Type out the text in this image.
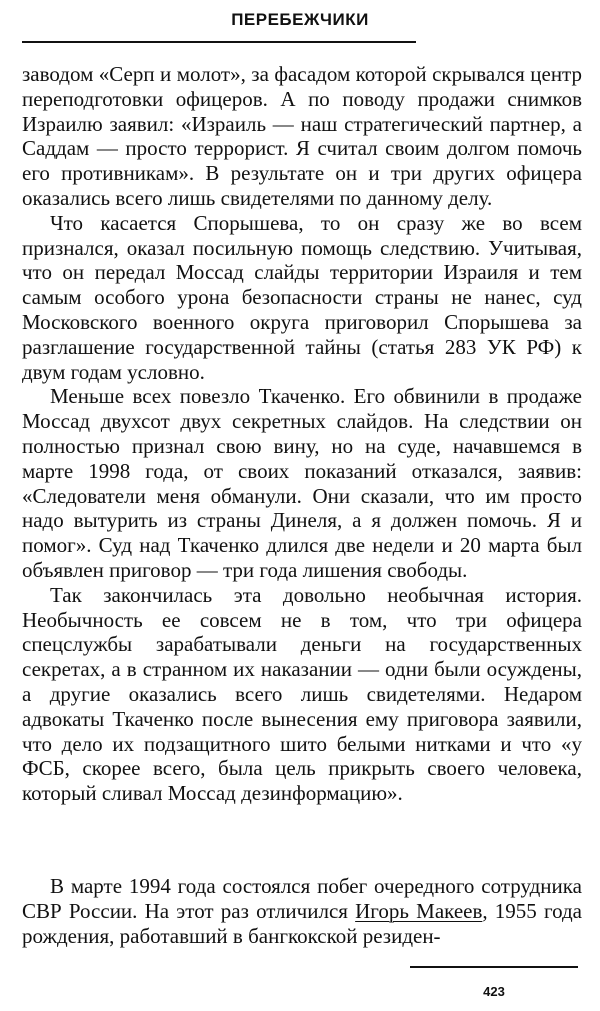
ПЕРЕБЕЖЧИКИ

заводом «Серп и молот», за фасадом которой скрывался центр переподготовки офицеров. А по поводу продажи снимков Израилю заявил: «Израиль — наш стратегический партнер, а Саддам — просто террорист. Я считал своим долгом помочь его противникам». В результате он и три других офицера оказались всего лишь свидетелями по данному делу.

Что касается Спорышева, то он сразу же во всем признался, оказал посильную помощь следствию. Учитывая, что он передал Моссад слайды территории Израиля и тем самым особого урона безопасности страны не нанес, суд Московского военного округа приговорил Спорышева за разглашение государственной тайны (статья 283 УК РФ) к двум годам условно.

Меньше всех повезло Ткаченко. Его обвинили в продаже Моссад двухсот двух секретных слайдов. На следствии он полностью признал свою вину, но на суде, начавшемся в марте 1998 года, от своих показаний отказался, заявив: «Следователи меня обманули. Они сказали, что им просто надо вытурить из страны Динеля, а я должен помочь. Я и помог». Суд над Ткаченко длился две недели и 20 марта был объявлен приговор — три года лишения свободы.

Так закончилась эта довольно необычная история. Необычность ее совсем не в том, что три офицера спецслужбы зарабатывали деньги на государственных секретах, а в странном их наказании — одни были осуждены, а другие оказались всего лишь свидетелями. Недаром адвокаты Ткаченко после вынесения ему приговора заявили, что дело их подзащитного шито белыми нитками и что «у ФСБ, скорее всего, была цель прикрыть своего человека, который сливал Моссад дезинформацию».

В марте 1994 года состоялся побег очередного сотрудника СВР России. На этот раз отличился Игорь Макеев, 1955 года рождения, работавший в бангкокской резиден-

423
